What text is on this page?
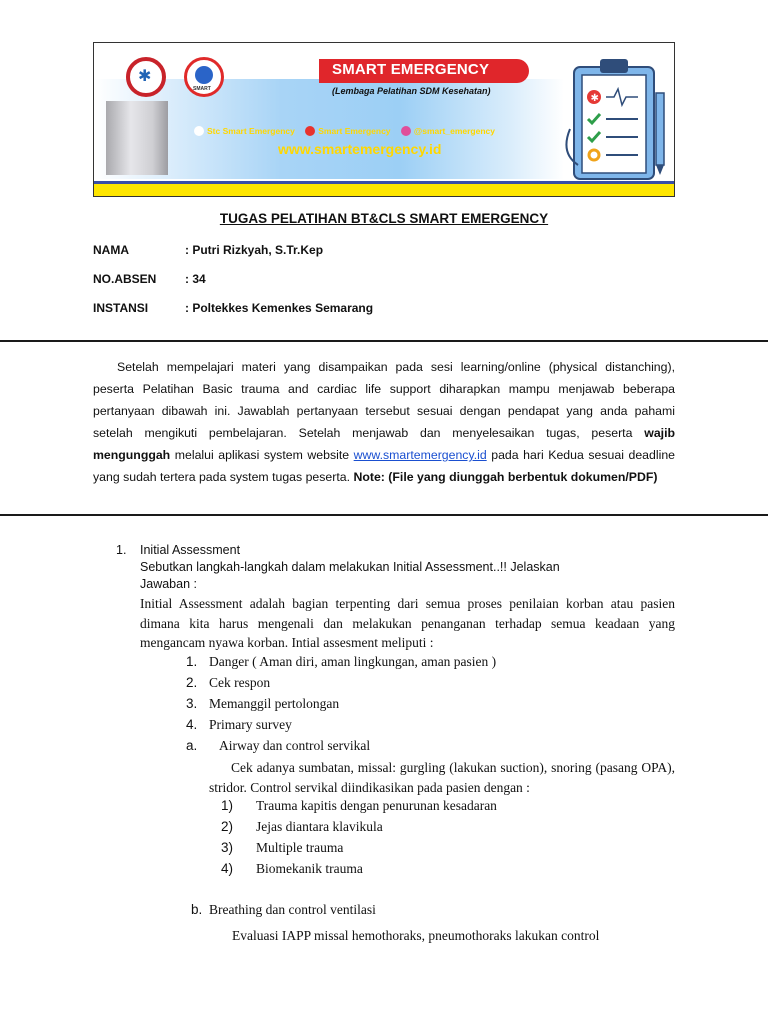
✱
SMART
SMART EMERGENCY
(Lembaga Pelatihan SDM Kesehatan)
Stc Smart Emergency	Smart Emergency	@smart_emergency
www.smartemergency.id
✱
TUGAS PELATIHAN BT&CLS SMART EMERGENCY
NAMA	: Putri Rizkyah, S.Tr.Kep
NO.ABSEN : 34
INSTANSI	: Poltekkes Kemenkes Semarang
Setelah mempelajari materi yang disampaikan pada sesi learning/online (physical distanching), peserta Pelatihan Basic trauma and cardiac life support diharapkan mampu menjawab beberapa pertanyaan dibawah ini. Jawablah pertanyaan tersebut sesuai dengan pendapat yang anda pahami setelah mengikuti pembelajaran. Setelah menjawab dan menyelesaikan tugas, peserta wajib mengunggah melalui aplikasi system website www.smartemergency.id pada hari Kedua sesuai deadline yang sudah tertera pada system tugas peserta. Note: (File yang diunggah berbentuk dokumen/PDF)
1. Initial Assessment
Sebutkan langkah-langkah dalam melakukan Initial Assessment..!! Jelaskan
Jawaban :
Initial Assessment adalah bagian terpenting dari semua proses penilaian korban atau pasien dimana kita harus mengenali dan melakukan penanganan terhadap semua keadaan yang mengancam nyawa korban. Intial assesment meliputi :
1. Danger ( Aman diri, aman lingkungan, aman pasien )
2. Cek respon
3. Memanggil pertolongan
4. Primary survey
a. Airway dan control servikal
Cek adanya sumbatan, missal: gurgling (lakukan suction), snoring (pasang OPA), stridor. Control servikal diindikasikan pada pasien dengan :
1) Trauma kapitis dengan penurunan kesadaran
2) Jejas diantara klavikula
3) Multiple trauma
4) Biomekanik trauma
b. Breathing dan control ventilasi
Evaluasi IAPP missal hemothoraks, pneumothoraks lakukan control
